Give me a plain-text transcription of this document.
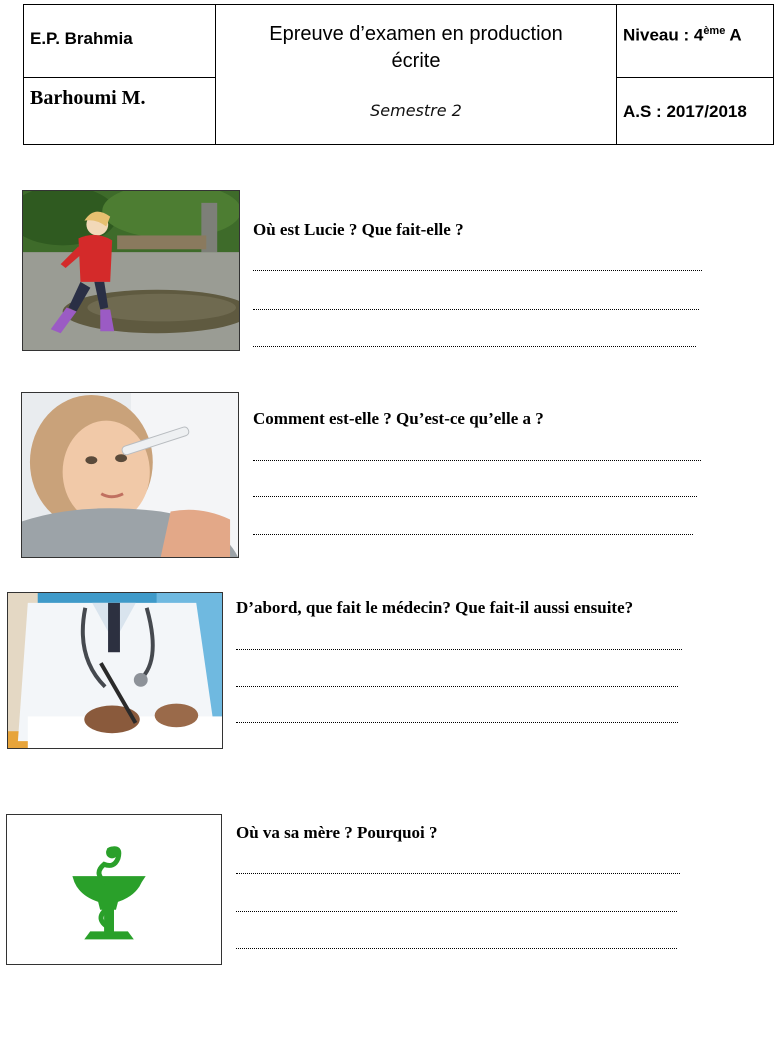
E.P. Brahmia
Barhoumi M.
Epreuve d’examen en production
écrite
Semestre 2
Niveau : 4ème A
A.S : 2017/2018
Où est Lucie ? Que fait-elle ?
Comment est-elle ? Qu’est-ce qu’elle a ?
D’abord, que fait le médecin? Que fait-il aussi ensuite?
Où va sa mère ? Pourquoi ?
